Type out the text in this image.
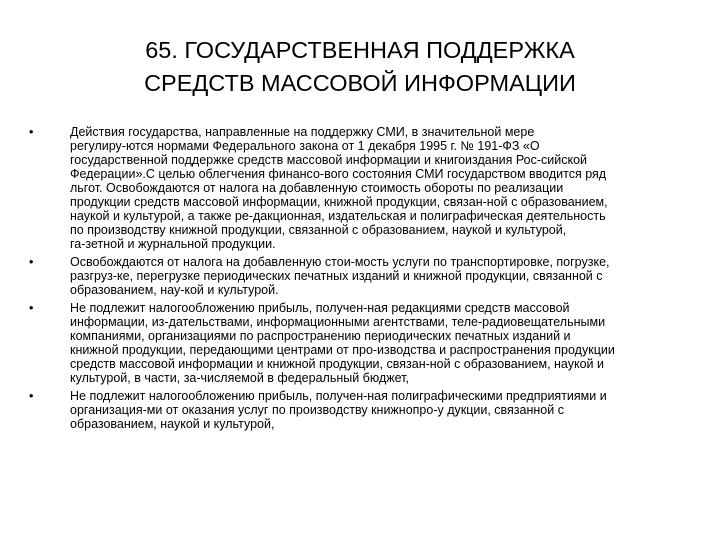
65. ГОСУДАРСТВЕННАЯ ПОДДЕРЖКА
СРЕДСТВ МАССОВОЙ ИНФОРМАЦИИ
•	Действия государства, направленные на поддержку СМИ, в значительной мере
регулиру-ются нормами Федерального закона от 1 декабря 1995 г. № 191-ФЗ «О
государственной поддержке средств массовой информации и книгоиздания Рос-сийской
Федерации».С целью облегчения финансо-вого состояния СМИ государством вводится ряд
льгот. Освобождаются от налога на добавленную стоимость обороты по реализации
продукции средств массовой информации, книжной продукции, связан-ной с образованием,
наукой и культурой, а также ре-дакционная, издательская и полиграфическая деятельность
по производству книжной продукции, связанной с образованием, наукой и культурой,
га-зетной и журнальной продукции.
•	Освобождаются от налога на добавленную стои-мость услуги по транспортировке, погрузке,
разгруз-ке, перегрузке периодических печатных изданий и книжной продукции, связанной с
образованием, нау-кой и культурой.
•	Не подлежит налогообложению прибыль, получен-ная редакциями средств массовой
информации, из-дательствами, информационными агентствами, теле-радиовещательными
компаниями, организациями по распространению периодических печатных изданий и
книжной продукции, передающими центрами от про-изводства и распространения продукции
средств массовой информации и книжной продукции, связан-ной с образованием, наукой и
культурой, в части, за-числяемой в федеральный бюджет,
•	Не подлежит налогообложению прибыль, получен-ная полиграфическими предприятиями и
организация-ми от оказания услуг по производству книжнопро-у дукции, связанной с
образованием, наукой и культурой,
